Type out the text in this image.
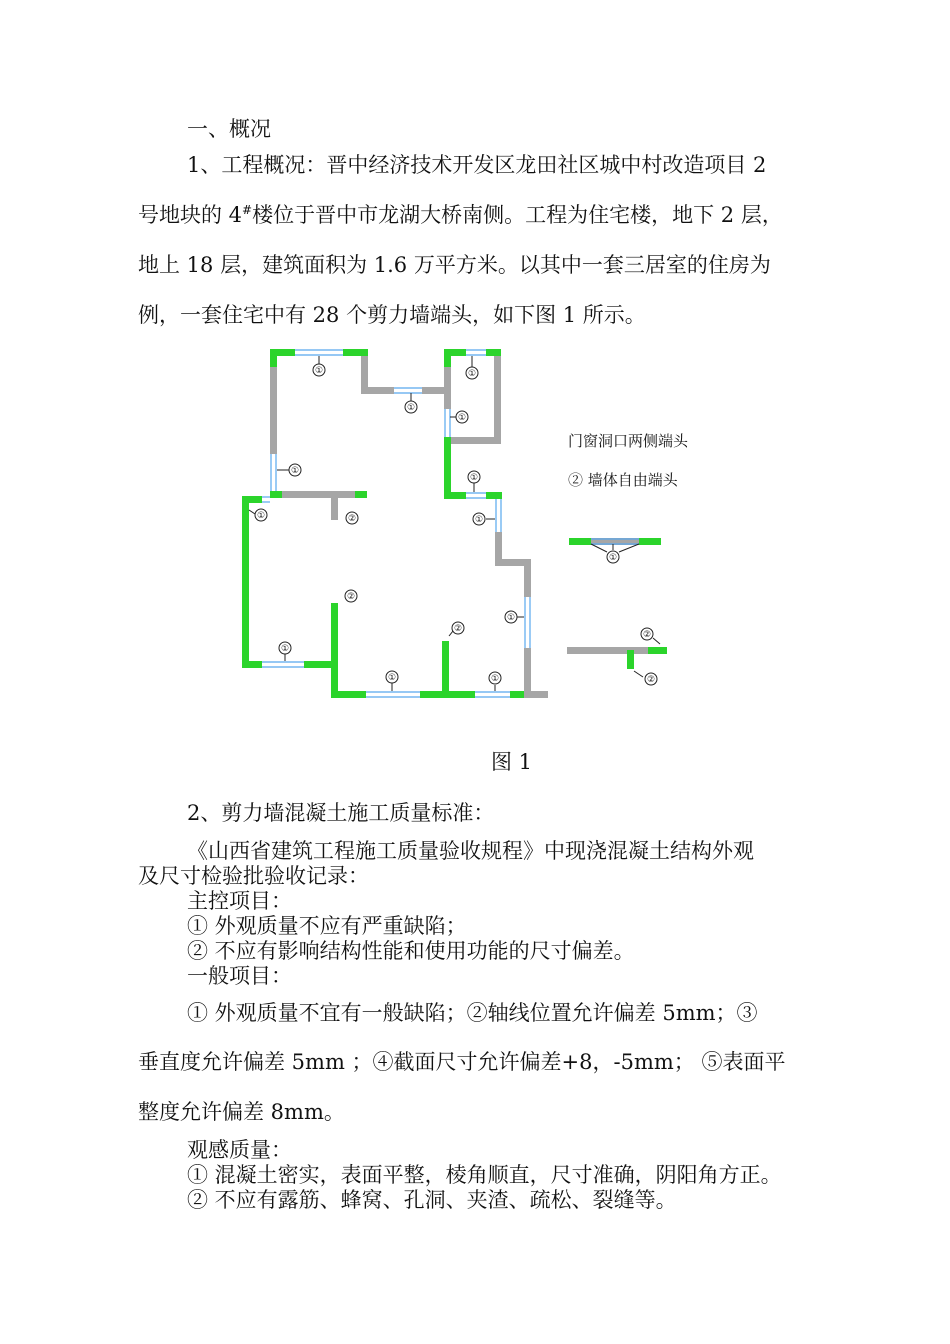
一、概况
1、工程概况：晋中经济技术开发区龙田社区城中村改造项目 2
号地块的 4#楼位于晋中市龙湖大桥南侧。工程为住宅楼，地下 2 层，
地上 18 层，建筑面积为 1.6 万平方米。以其中一套三居室的住房为
例，一套住宅中有 28 个剪力墙端头，如下图 1 所示。
①
①
①
①
①
①
①	①
②
②
①
①	①
①
②
①
②
②
门窗洞口两侧端头
② 墙体自由端头
图 1
2、剪力墙混凝土施工质量标准：
《山西省建筑工程施工质量验收规程》中现浇混凝土结构外观
及尺寸检验批验收记录：
主控项目：
① 外观质量不应有严重缺陷；
② 不应有影响结构性能和使用功能的尺寸偏差。
一般项目：
① 外观质量不宜有一般缺陷；②轴线位置允许偏差 5mm；③
垂直度允许偏差 5mm ；④截面尺寸允许偏差+8，-5mm； ⑤表面平
整度允许偏差 8mm。
观感质量：
① 混凝土密实，表面平整，棱角顺直，尺寸准确，阴阳角方正。
② 不应有露筋、蜂窝、孔洞、夹渣、疏松、裂缝等。
